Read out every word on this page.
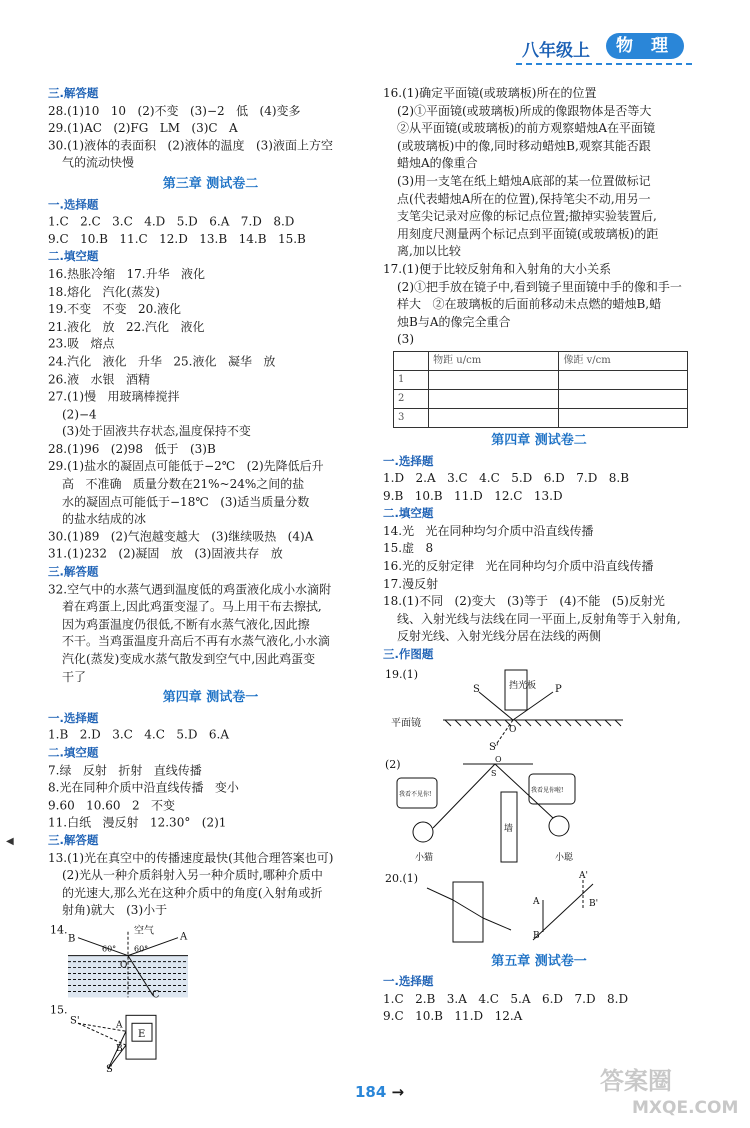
八年级上	物 理
三.解答题
28.(1)10   10   (2)不变   (3)−2   低   (4)变多
29.(1)AC   (2)FG   LM   (3)C   A
30.(1)液体的表面积   (2)液体的温度   (3)液面上方空
气的流动快慢
第三章 测试卷二
一.选择题
1.C   2.C   3.C   4.D   5.D   6.A   7.D   8.D
9.C   10.B   11.C   12.D   13.B   14.B   15.B
二.填空题
16.热胀冷缩   17.升华   液化
18.熔化   汽化(蒸发)
19.不变   不变   20.液化
21.液化   放   22.汽化   液化
23.吸   熔点
24.汽化   液化   升华   25.液化   凝华   放
26.液   水银   酒精
27.(1)慢   用玻璃棒搅拌
(2)−4
(3)处于固液共存状态,温度保持不变
28.(1)96   (2)98   低于   (3)B
29.(1)盐水的凝固点可能低于−2℃   (2)先降低后升
高   不准确   质量分数在21%~24%之间的盐
水的凝固点可能低于−18℃   (3)适当质量分数
的盐水结成的冰
30.(1)89   (2)气泡越变越大   (3)继续吸热   (4)A
31.(1)232   (2)凝固   放   (3)固液共存   放
三.解答题
32.空气中的水蒸气遇到温度低的鸡蛋液化成小水滴附
着在鸡蛋上,因此鸡蛋变湿了。马上用干布去擦拭,
因为鸡蛋温度仍很低,不断有水蒸气液化,因此擦
不干。当鸡蛋温度升高后不再有水蒸气液化,小水滴
汽化(蒸发)变成水蒸气散发到空气中,因此鸡蛋变
干了
第四章 测试卷一
一.选择题
1.B   2.D   3.C   4.C   5.D   6.A
二.填空题
7.绿   反射   折射   直线传播
8.光在同种介质中沿直线传播   变小
9.60   10.60   2   不变
11.白纸   漫反射   12.30°   (2)1
三.解答题
13.(1)光在真空中的传播速度最快(其他合理答案也可)
(2)光从一种介质斜射入另一种介质时,哪种介质中
的光速大,那么光在这种介质中的角度(入射角或折
射角)就大   (3)小于
14.	空气
B	A
C
O
60° 60°
15.
S'
S
A
B
E
16.(1)确定平面镜(或玻璃板)所在的位置
(2)①平面镜(或玻璃板)所成的像跟物体是否等大
②从平面镜(或玻璃板)的前方观察蜡烛A在平面镜
(或玻璃板)中的像,同时移动蜡烛B,观察其能否跟
蜡烛A的像重合
(3)用一支笔在纸上蜡烛A底部的某一位置做标记
点(代表蜡烛A所在的位置),保持笔尖不动,用另一
支笔尖记录对应像的标记点位置;撤掉实验装置后,
用刻度尺测量两个标记点到平面镜(或玻璃板)的距
离,加以比较
17.(1)便于比较反射角和入射角的大小关系
(2)①把手放在镜子中,看到镜子里面镜中手的像和手一
样大   ②在玻璃板的后面前移动未点燃的蜡烛B,蜡
烛B与A的像完全重合
(3)
	物距 u/cm	像距 v/cm
1		
2		
3		
第四章 测试卷二
一.选择题
1.D   2.A   3.C   4.C   5.D   6.D   7.D   8.B
9.B   10.B   11.D   12.C   13.D
二.填空题
14.光   光在同种均匀介质中沿直线传播
15.虚   8
16.光的反射定律   光在同种均匀介质中沿直线传播
17.漫反射
18.(1)不同   (2)变大   (3)等于   (4)不能   (5)反射光
线、入射光线与法线在同一平面上,反射角等于入射角,
反射光线、入射光线分居在法线的两侧
三.作图题
19.(1)
平面镜
挡光板
S
S'
P
O
(2)
墙
我看不见你!
我看见你啦!
小猫	小聪
S
O
20.(1)
A
B
A'
B'
第五章 测试卷一
一.选择题
1.C   2.B   3.A   4.C   5.A   6.D   7.D   8.D
9.C   10.B   11.D   12.A
◀
184 →	答案圈
MXQE.COM
